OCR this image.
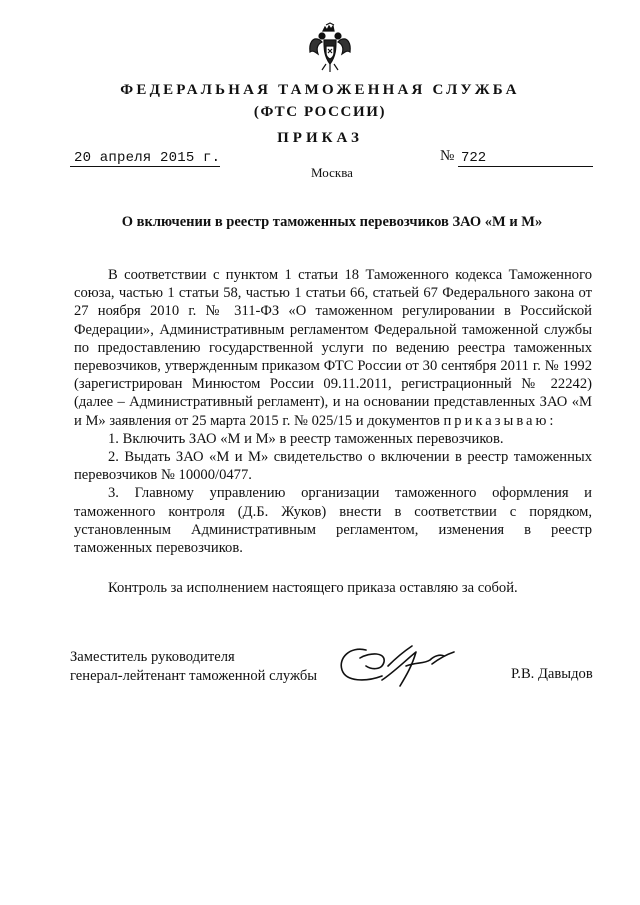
ФЕДЕРАЛЬНАЯ ТАМОЖЕННАЯ СЛУЖБА
(ФТС РОССИИ)
ПРИКАЗ
20 апреля 2015 г.	№ 722
Москва
О включении в реестр таможенных перевозчиков ЗАО «М и М»

В соответствии с пунктом 1 статьи 18 Таможенного кодекса Таможенного союза, частью 1 статьи 58, частью 1 статьи 66, статьей 67 Федерального закона от 27 ноября 2010 г. № 311-ФЗ «О таможенном регулировании в Российской Федерации», Административным регламентом Федеральной таможенной службы по предоставлению государственной услуги по ведению реестра таможенных перевозчиков, утвержденным приказом ФТС России от 30 сентября 2011 г. № 1992 (зарегистрирован Минюстом России 09.11.2011, регистрационный № 22242) (далее – Административный регламент), и на основании представленных ЗАО «М и М» заявления от 25 марта 2015 г. № 025/15 и документов приказываю:

1. Включить ЗАО «М и М» в реестр таможенных перевозчиков.

2. Выдать ЗАО «М и М» свидетельство о включении в реестр таможенных перевозчиков № 10000/0477.

3. Главному управлению организации таможенного оформления и таможенного контроля (Д.Б. Жуков) внести в соответствии с порядком, установленным Административным регламентом, изменения в реестр таможенных перевозчиков.

Контроль за исполнением настоящего приказа оставляю за собой.
Заместитель руководителя
генерал-лейтенант таможенной службы	Р.В. Давыдов
